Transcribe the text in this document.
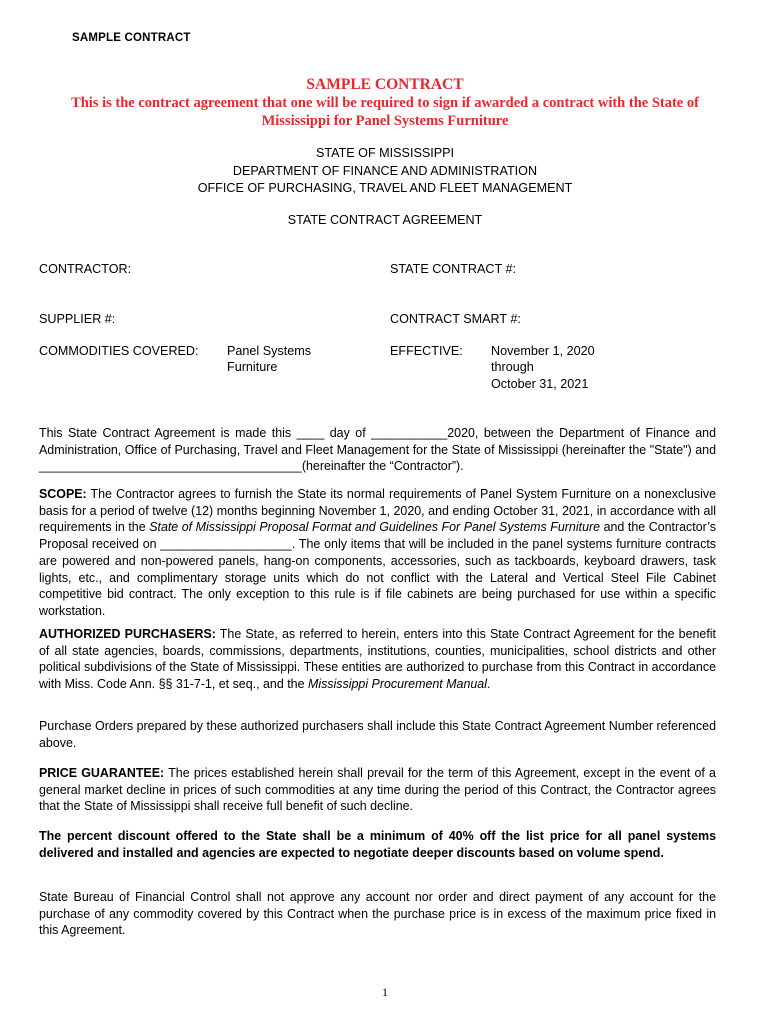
SAMPLE CONTRACT
SAMPLE CONTRACT
This is the contract agreement that one will be required to sign if awarded a contract with the State of
Mississippi for Panel Systems Furniture
STATE OF MISSISSIPPI
DEPARTMENT OF FINANCE AND ADMINISTRATION
OFFICE OF PURCHASING, TRAVEL AND FLEET MANAGEMENT
STATE CONTRACT AGREEMENT
CONTRACTOR:	STATE CONTRACT #:
SUPPLIER #:	CONTRACT SMART #:
COMMODITIES COVERED: Panel Systems
Furniture
EFFECTIVE: November 1, 2020
through
October 31, 2021
This State Contract Agreement is made this ____ day of ___________2020, between the Department of Finance and Administration, Office of Purchasing, Travel and Fleet Management for the State of Mississippi (hereinafter the "State") and ______________________________________(hereinafter the “Contractor”).
SCOPE: The Contractor agrees to furnish the State its normal requirements of Panel System Furniture on a nonexclusive basis for a period of twelve (12) months beginning November 1, 2020, and ending October 31, 2021, in accordance with all requirements in the State of Mississippi Proposal Format and Guidelines For Panel Systems Furniture and the Contractor’s Proposal received on ___________________. The only items that will be included in the panel systems furniture contracts are powered and non-powered panels, hang-on components, accessories, such as tackboards, keyboard drawers, task lights, etc., and complimentary storage units which do not conflict with the Lateral and Vertical Steel File Cabinet competitive bid contract. The only exception to this rule is if file cabinets are being purchased for use within a specific workstation.
AUTHORIZED PURCHASERS: The State, as referred to herein, enters into this State Contract Agreement for the benefit of all state agencies, boards, commissions, departments, institutions, counties, municipalities, school districts and other political subdivisions of the State of Mississippi. These entities are authorized to purchase from this Contract in accordance with Miss. Code Ann. §§ 31-7-1, et seq., and the Mississippi Procurement Manual.
Purchase Orders prepared by these authorized purchasers shall include this State Contract Agreement Number referenced above.
PRICE GUARANTEE: The prices established herein shall prevail for the term of this Agreement, except in the event of a general market decline in prices of such commodities at any time during the period of this Contract, the Contractor agrees that the State of Mississippi shall receive full benefit of such decline.
The percent discount offered to the State shall be a minimum of 40% off the list price for all panel systems delivered and installed and agencies are expected to negotiate deeper discounts based on volume spend.
State Bureau of Financial Control shall not approve any account nor order and direct payment of any account for the purchase of any commodity covered by this Contract when the purchase price is in excess of the maximum price fixed in this Agreement.
1
